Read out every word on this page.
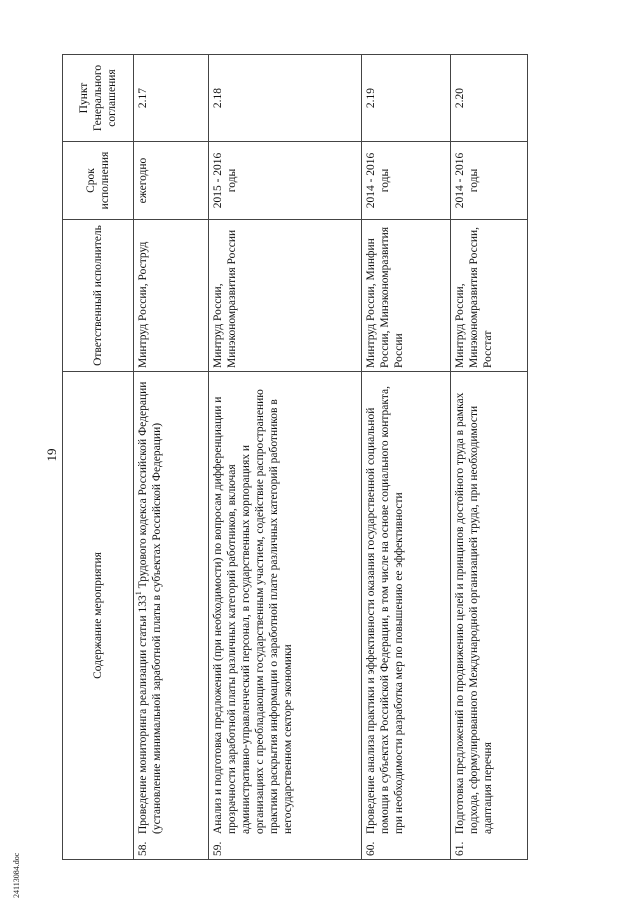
24113084.doc
19
Содержание мероприятия	Ответственный исполнитель	Срок исполнения	Пункт Генерального соглашения
58.Проведение мониторинга реализации статьи $133^1$ Трудового кодекса Российской Федерации (установление минимальной заработной платы в субъектах Российской Федерации)	Минтруд России, Роструд	ежегодно	2.17
59.Анализ и подготовка предложений (при необходимости) по вопросам дифференциации и прозрачности заработной платы различных категорий работников, включая административно-управленческий персонал, в государственных корпорациях и организациях с преобладающим государственным участием, содействие распространению практики раскрытия информации о заработной плате различных категорий работников в негосударственном секторе экономики	Минтруд России, Минэкономразвития России	2015 - 2016 годы	2.18
60.Проведение анализа практики и эффективности оказания государственной социальной помощи в субъектах Российской Федерации, в том числе на основе социального контракта, при необходимости разработка мер по повышению ее эффективности	Минтруд России, Минфин России, Минэкономразвития России	2014 - 2016 годы	2.19
61.Подготовка предложений по продвижению целей и принципов достойного труда в рамках подхода, сформулированного Международной организацией труда, при необходимости адаптация перечня	Минтруд России, Минэкономразвития России, Росстат	2014 - 2016 годы	2.20
